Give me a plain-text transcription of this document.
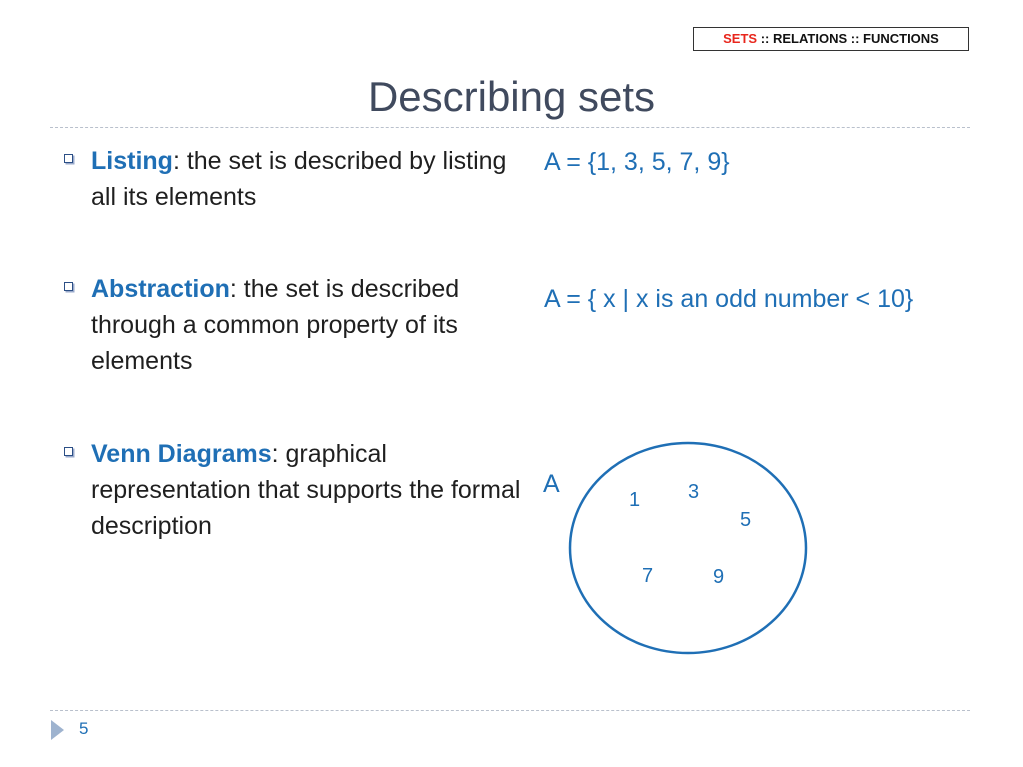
SETS :: RELATIONS :: FUNCTIONS
Describing sets
Listing: the set is described by listing all its elements
Abstraction: the set is described through a common property of its elements
Venn Diagrams: graphical representation that supports the formal description
A = {1, 3, 5, 7, 9}
A = { x | x is an odd number < 10}
A
1 3
5
7	9
5
